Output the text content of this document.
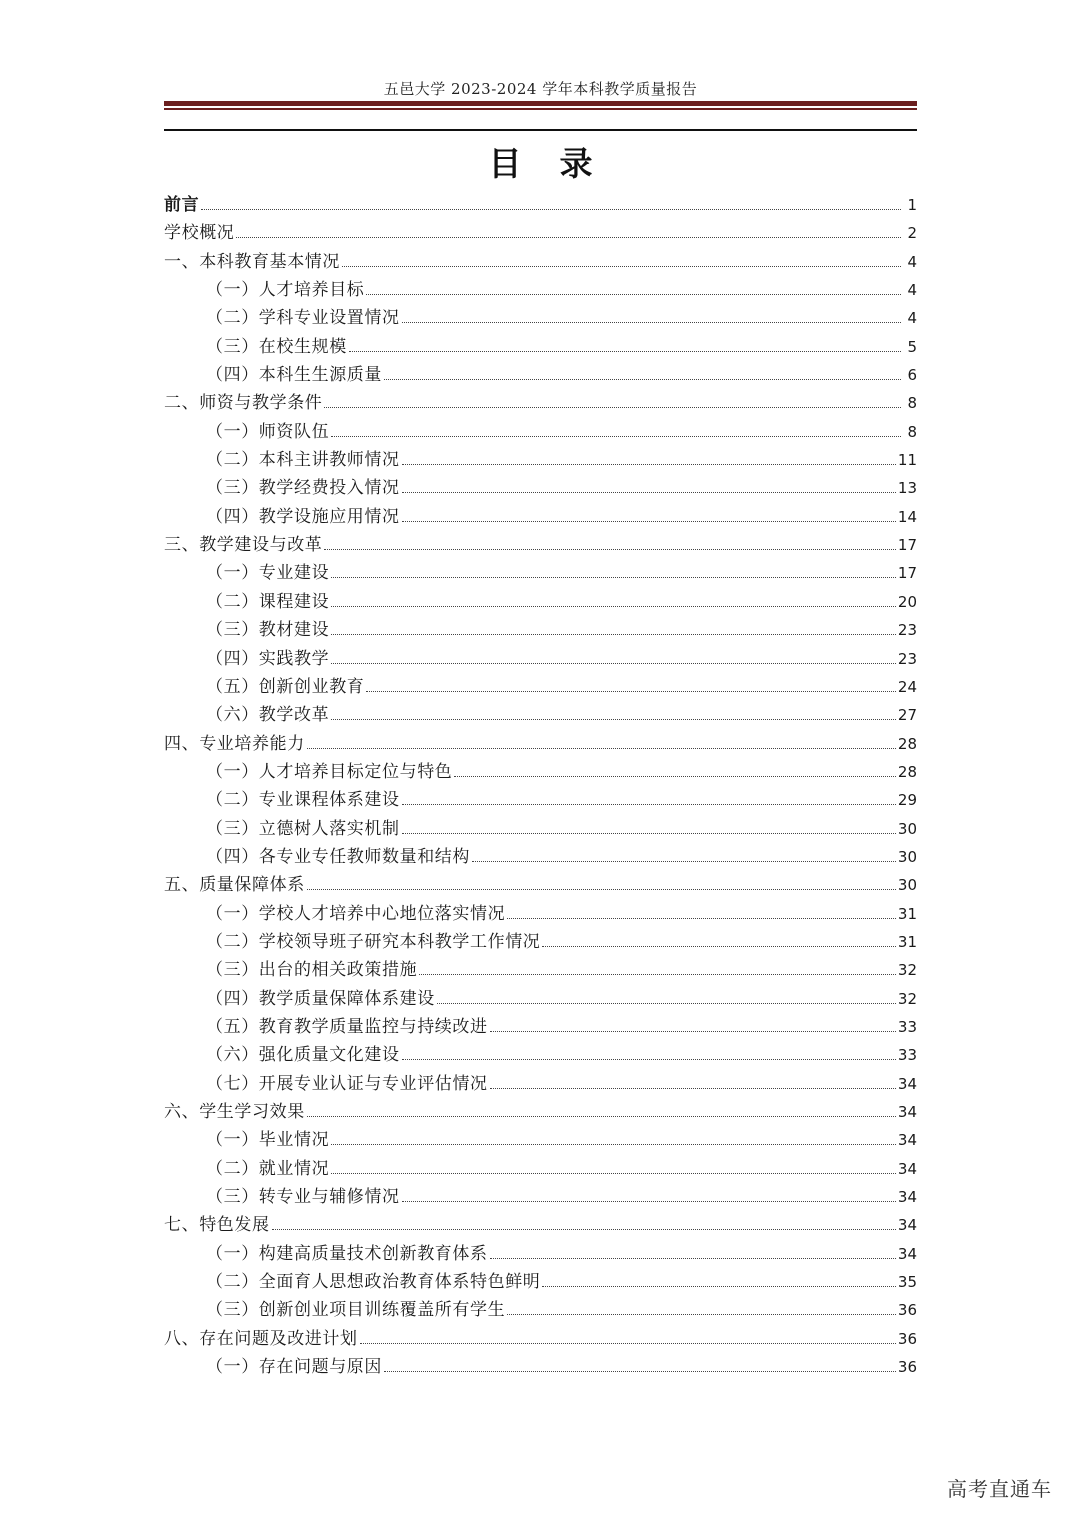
五邑大学 2023-2024 学年本科教学质量报告
目录
前言	1
学校概况	2
一、本科教育基本情况	4
（一）人才培养目标	4
（二）学科专业设置情况	4
（三）在校生规模	5
（四）本科生生源质量	6
二、师资与教学条件	8
（一）师资队伍	8
（二）本科主讲教师情况	11
（三）教学经费投入情况	13
（四）教学设施应用情况	14
三、教学建设与改革	17
（一）专业建设	17
（二）课程建设	20
（三）教材建设	23
（四）实践教学	23
（五）创新创业教育	24
（六）教学改革	27
四、专业培养能力	28
（一）人才培养目标定位与特色	28
（二）专业课程体系建设	29
（三）立德树人落实机制	30
（四）各专业专任教师数量和结构	30
五、质量保障体系	30
（一）学校人才培养中心地位落实情况	31
（二）学校领导班子研究本科教学工作情况	31
（三）出台的相关政策措施	32
（四）教学质量保障体系建设	32
（五）教育教学质量监控与持续改进	33
（六）强化质量文化建设	33
（七）开展专业认证与专业评估情况	34
六、学生学习效果	34
（一）毕业情况	34
（二）就业情况	34
（三）转专业与辅修情况	34
七、特色发展	34
（一）构建高质量技术创新教育体系	34
（二）全面育人思想政治教育体系特色鲜明	35
（三）创新创业项目训练覆盖所有学生	36
八、存在问题及改进计划	36
（一）存在问题与原因	36
高考直通车
